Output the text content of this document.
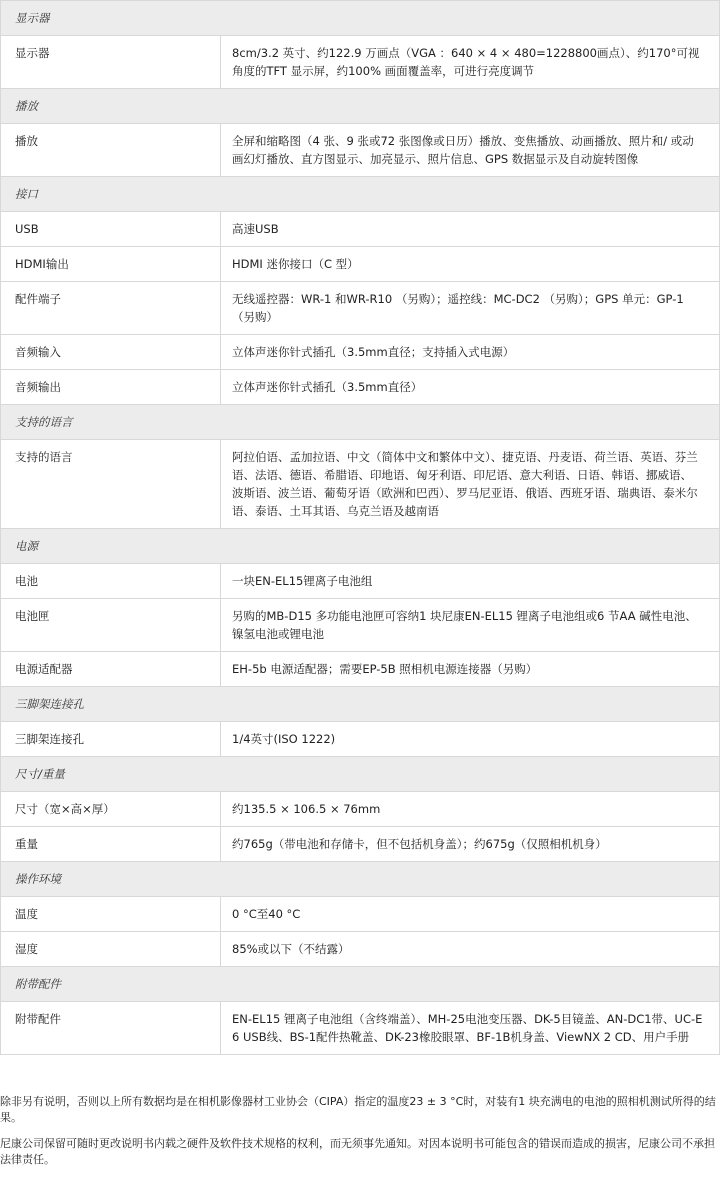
显示器
显示器	8cm/3.2 英寸、约122.9 万画点（VGA ：640 × 4 × 480=1228800画点）、约170°可视角度的TFT 显示屏，约100% 画面覆盖率，可进行亮度调节
播放
播放	全屏和缩略图（4 张、9 张或72 张图像或日历）播放、变焦播放、动画播放、照片和/ 或动画幻灯播放、直方图显示、加亮显示、照片信息、GPS 数据显示及自动旋转图像
接口
USB	高速USB
HDMI输出	HDMI 迷你接口（C 型）
配件端子	无线遥控器：WR-1 和WR-R10 （另购）；遥控线：MC-DC2 （另购）；GPS 单元：GP-1 （另购）
音频输入	立体声迷你针式插孔（3.5mm直径；支持插入式电源）
音频输出	立体声迷你针式插孔（3.5mm直径）
支持的语言
支持的语言	阿拉伯语、孟加拉语、中文（简体中文和繁体中文）、捷克语、丹麦语、荷兰语、英语、芬兰语、法语、德语、希腊语、印地语、匈牙利语、印尼语、意大利语、日语、韩语、挪威语、波斯语、波兰语、葡萄牙语（欧洲和巴西）、罗马尼亚语、俄语、西班牙语、瑞典语、泰米尔语、泰语、土耳其语、乌克兰语及越南语
电源
电池	一块EN-EL15锂离子电池组
电池匣	另购的MB-D15 多功能电池匣可容纳1 块尼康EN-EL15 锂离子电池组或6 节AA 碱性电池、镍氢电池或锂电池
电源适配器	EH-5b 电源适配器；需要EP-5B 照相机电源连接器（另购）
三脚架连接孔
三脚架连接孔	1/4英寸(ISO 1222)
尺寸/重量
尺寸（宽×高×厚）	约135.5 × 106.5 × 76mm
重量	约765g（带电池和存储卡，但不包括机身盖）；约675g（仅照相机机身）
操作环境
温度	0 °C至40 °C
湿度	85%或以下（不结露）
附带配件
附带配件	EN-EL15 锂离子电池组（含终端盖）、MH-25电池变压器、DK-5目镜盖、AN-DC1带、UC-E6 USB线、BS-1配件热靴盖、DK-23橡胶眼罩、BF-1B机身盖、ViewNX 2 CD、用户手册

除非另有说明，否则以上所有数据均是在相机影像器材工业协会（CIPA）指定的温度23 ± 3 °C时，对装有1 块充满电的电池的照相机测试所得的结果。

尼康公司保留可随时更改说明书内载之硬件及软件技术规格的权利，而无须事先通知。对因本说明书可能包含的错误而造成的损害，尼康公司不承担法律责任。
